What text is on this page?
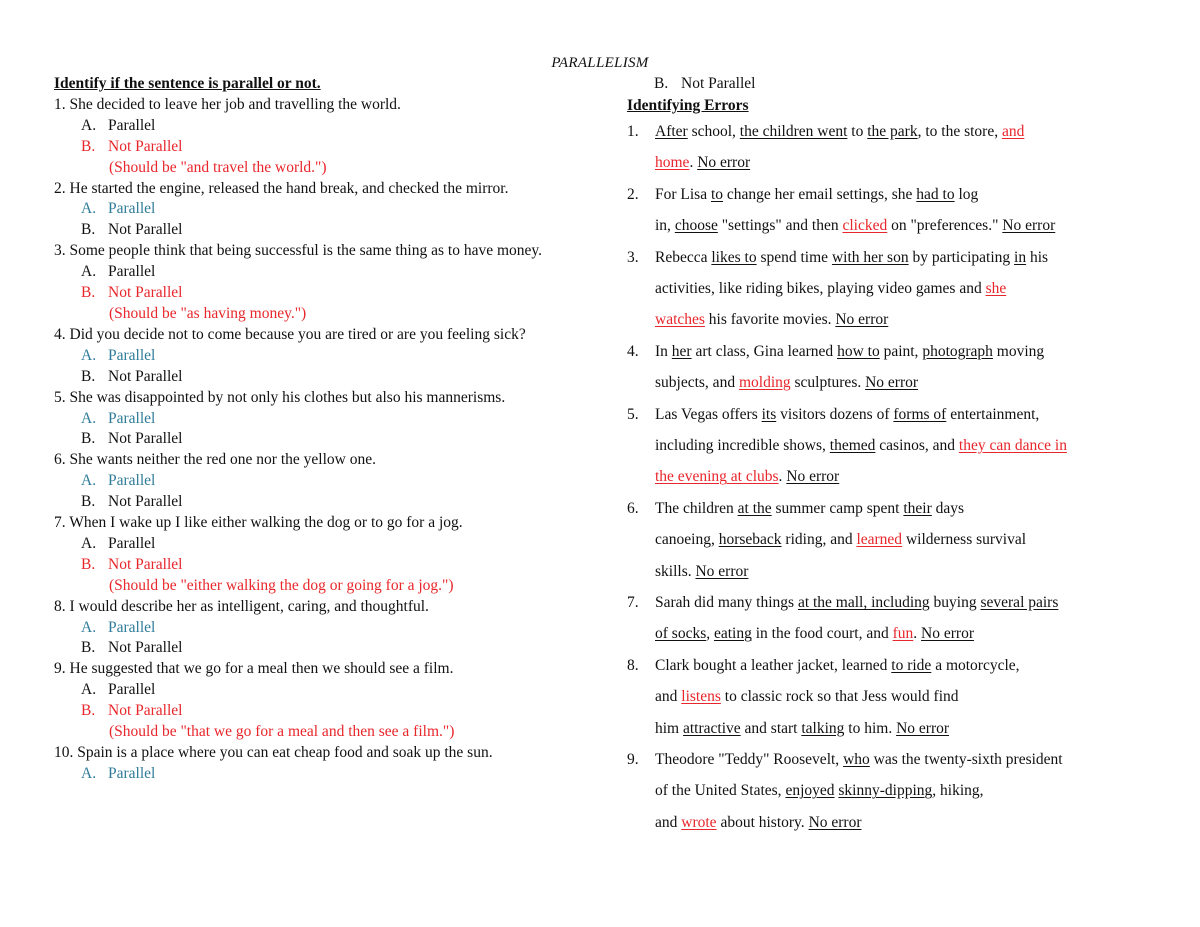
PARALLELISM
Identify if the sentence is parallel or not.
1. She decided to leave her job and travelling the world.
A. Parallel
B. Not Parallel
(Should be "and travel the world.")
2. He started the engine, released the hand break, and checked the mirror.
A. Parallel
B. Not Parallel
3. Some people think that being successful is the same thing as to have money.
A. Parallel
B. Not Parallel
(Should be "as having money.")
4. Did you decide not to come because you are tired or are you feeling sick?
A. Parallel
B. Not Parallel
5. She was disappointed by not only his clothes but also his mannerisms.
A. Parallel
B. Not Parallel
6. She wants neither the red one nor the yellow one.
A. Parallel
B. Not Parallel
7. When I wake up I like either walking the dog or to go for a jog.
A. Parallel
B. Not Parallel
(Should be "either walking the dog or going for a jog.")
8. I would describe her as intelligent, caring, and thoughtful.
A. Parallel
B. Not Parallel
9. He suggested that we go for a meal then we should see a film.
A. Parallel
B. Not Parallel
(Should be "that we go for a meal and then see a film.")
10. Spain is a place where you can eat cheap food and soak up the sun.
A. Parallel
B. Not Parallel
Identifying Errors
1.	After school, the children went to the park, to the store, and
home. No error
2.	For Lisa to change her email settings, she had to log
in, choose "settings" and then clicked on "preferences." No error
3.	Rebecca likes to spend time with her son by participating in his
activities, like riding bikes, playing video games and she
watches his favorite movies. No error
4.	In her art class, Gina learned how to paint, photograph moving
subjects, and molding sculptures. No error
5.	Las Vegas offers its visitors dozens of forms of entertainment,
including incredible shows, themed casinos, and they can dance in
the evening at clubs. No error
6.	The children at the summer camp spent their days
canoeing, horseback riding, and learned wilderness survival
skills. No error
7.	Sarah did many things at the mall, including buying several pairs
of socks, eating in the food court, and fun. No error
8.	Clark bought a leather jacket, learned to ride a motorcycle,
and listens to classic rock so that Jess would find
him attractive and start talking to him. No error
9.	Theodore "Teddy" Roosevelt, who was the twenty-sixth president
of the United States, enjoyed skinny-dipping, hiking,
and wrote about history. No error
